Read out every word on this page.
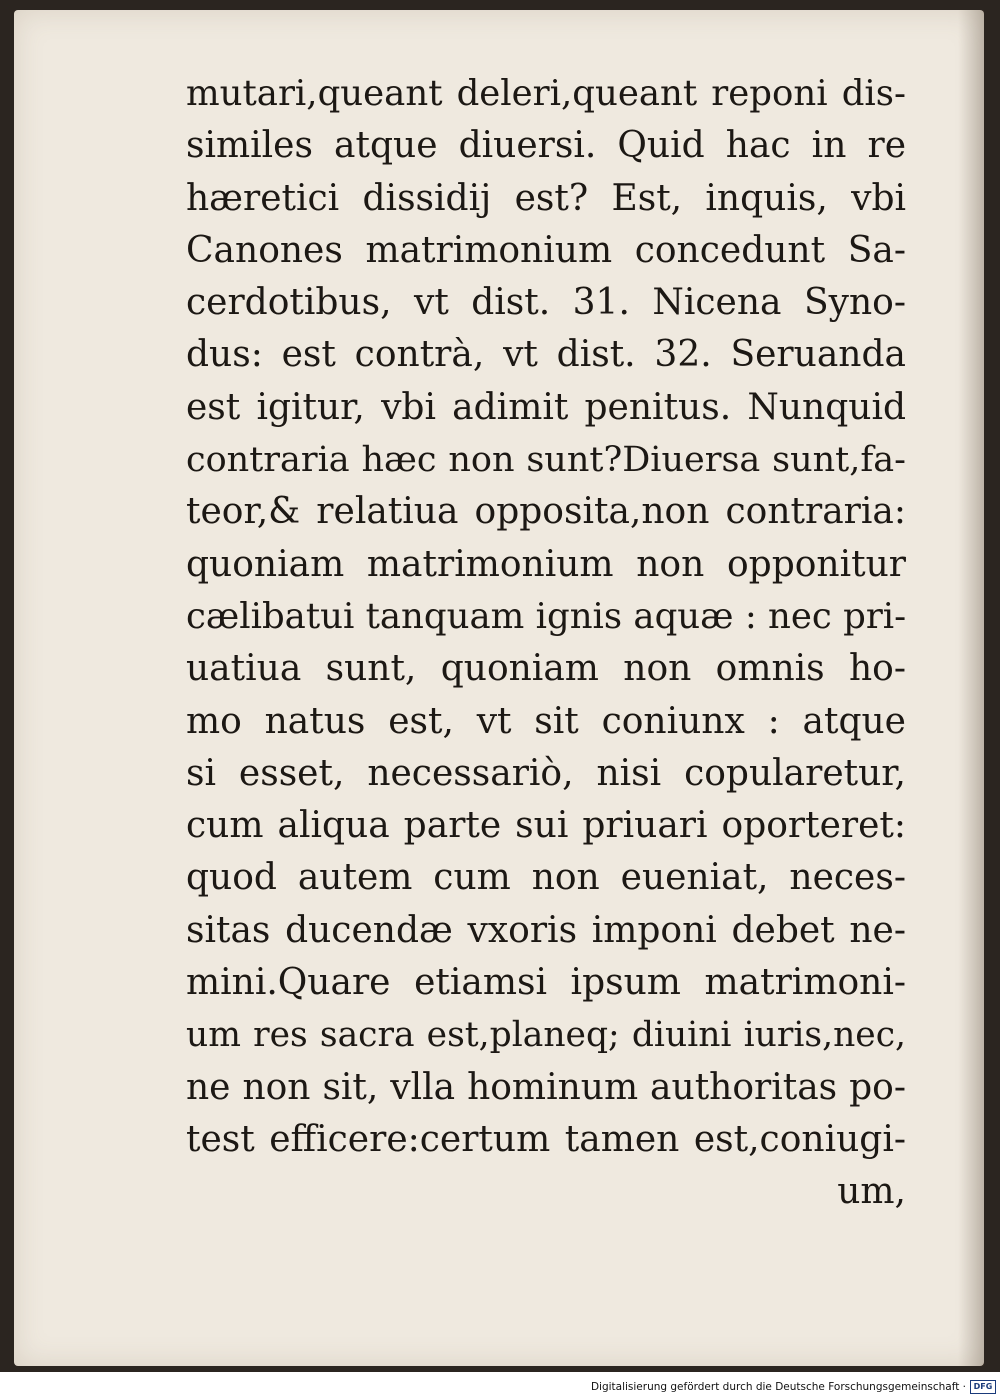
mutari,queant deleri,queant reponi dis-
similes atque diuersi. Quid hac in re
hæretici dissidij est? Est, inquis, vbi
Canones matrimonium concedunt Sa-
cerdotibus, vt dist. 31. Nicena Syno-
dus: est contrà, vt dist. 32. Seruanda
est igitur, vbi adimit penitus. Nunquid
contraria hæc non sunt?Diuersa sunt,fa-
teor,& relatiua opposita,non contraria:
quoniam matrimonium non opponitur
cælibatui tanquam ignis aquæ : nec pri-
uatiua sunt, quoniam non omnis ho-
mo natus est, vt sit coniunx : atque
si esset, necessariò, nisi copularetur,
cum aliqua parte sui priuari oporteret:
quod autem cum non eueniat, neces-
sitas ducendæ vxoris imponi debet ne-
mini.Quare etiamsi ipsum matrimoni-
um res sacra est,planeq; diuini iuris,nec,
ne non sit, vlla hominum authoritas po-
test efficere:certum tamen est,coniugi-
um,
Digitalisierung gefördert durch die Deutsche Forschungsgemeinschaft · DFG
